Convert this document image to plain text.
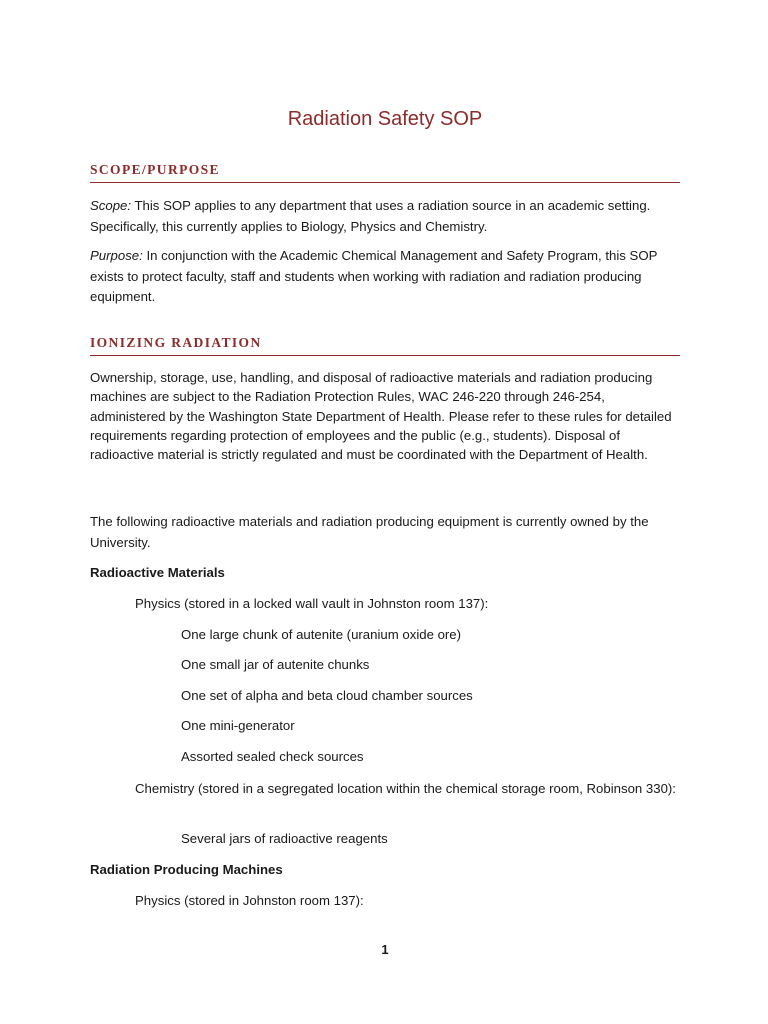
Radiation Safety SOP
SCOPE/PURPOSE

Scope: This SOP applies to any department that uses a radiation source in an academic setting. Specifically, this currently applies to Biology, Physics and Chemistry.

Purpose: In conjunction with the Academic Chemical Management and Safety Program, this SOP exists to protect faculty, staff and students when working with radiation and radiation producing equipment.

IONIZING RADIATION

Ownership, storage, use, handling, and disposal of radioactive materials and radiation producing machines are subject to the Radiation Protection Rules, WAC 246-220 through 246-254, administered by the Washington State Department of Health. Please refer to these rules for detailed requirements regarding protection of employees and the public (e.g., students). Disposal of radioactive material is strictly regulated and must be coordinated with the Department of Health.

The following radioactive materials and radiation producing equipment is currently owned by the University.

Radioactive Materials

Physics (stored in a locked wall vault in Johnston room 137):

One large chunk of autenite (uranium oxide ore)

One small jar of autenite chunks

One set of alpha and beta cloud chamber sources

One mini-generator

Assorted sealed check sources

Chemistry (stored in a segregated location within the chemical storage room, Robinson 330):

Several jars of radioactive reagents

Radiation Producing Machines

Physics (stored in Johnston room 137):

1
